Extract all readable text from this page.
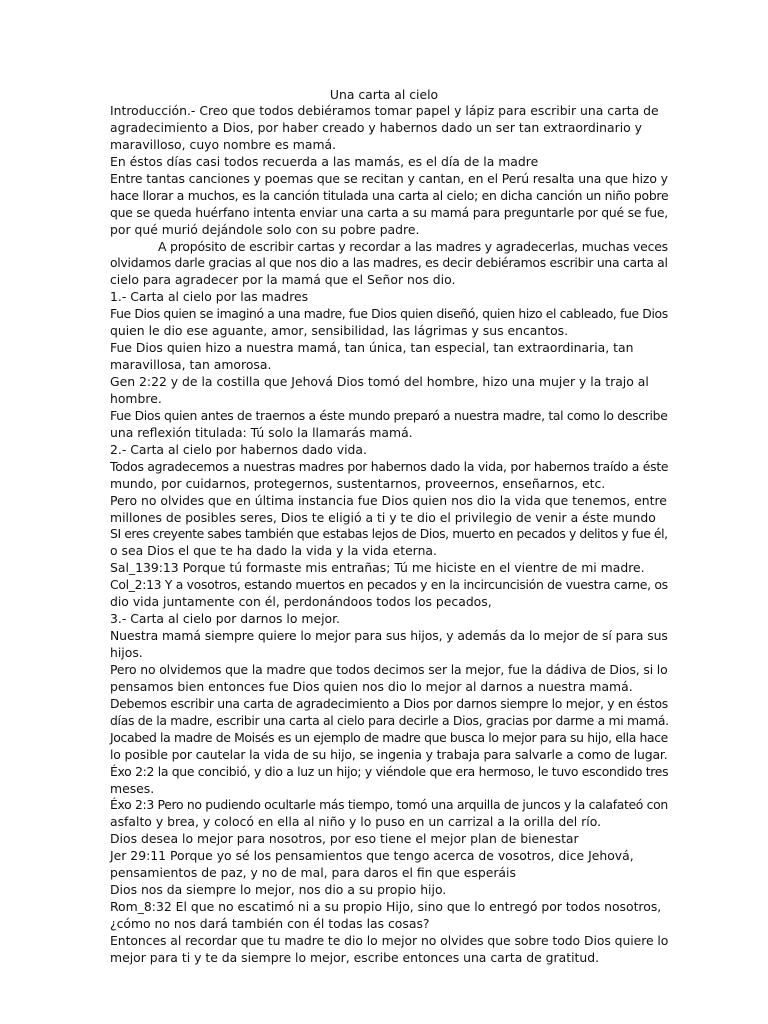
Una carta al cielo
Introducción.- Creo que todos debiéramos tomar papel y lápiz para escribir una carta de
agradecimiento a Dios, por haber creado y habernos dado un ser tan extraordinario y
maravilloso, cuyo nombre es mamá.
En éstos días casi todos recuerda a las mamás, es el día de la madre
Entre tantas canciones y poemas que se recitan y cantan, en el Perú resalta una que hizo y
hace llorar a muchos, es la canción titulada una carta al cielo; en dicha canción un niño pobre
que se queda huérfano intenta enviar una carta a su mamá para preguntarle por qué se fue,
por qué murió dejándole solo con su pobre padre.
A propósito de escribir cartas y recordar a las madres y agradecerlas, muchas veces
olvidamos darle gracias al que nos dio a las madres, es decir debiéramos escribir una carta al
cielo para agradecer por la mamá que el Señor nos dio.
1.- Carta al cielo por las madres
Fue Dios quien se imaginó a una madre, fue Dios quien diseñó, quien hizo el cableado, fue Dios
quien le dio ese aguante, amor, sensibilidad, las lágrimas y sus encantos.
Fue Dios quien hizo a nuestra mamá, tan única, tan especial, tan extraordinaria, tan
maravillosa, tan amorosa.
Gen 2:22 y de la costilla que Jehová Dios tomó del hombre, hizo una mujer y la trajo al
hombre.
Fue Dios quien antes de traernos a éste mundo preparó a nuestra madre, tal como lo describe
una reflexión titulada: Tú solo la llamarás mamá.
2.- Carta al cielo por habernos dado vida.
Todos agradecemos a nuestras madres por habernos dado la vida, por habernos traído a éste
mundo, por cuidarnos, protegernos, sustentarnos, proveernos, enseñarnos, etc.
Pero no olvides que en última instancia fue Dios quien nos dio la vida que tenemos, entre
millones de posibles seres, Dios te eligió a ti y te dio el privilegio de venir a éste mundo
SI eres creyente sabes también que estabas lejos de Dios, muerto en pecados y delitos y fue él,
o sea Dios el que te ha dado la vida y la vida eterna.
Sal_139:13 Porque tú formaste mis entrañas; Tú me hiciste en el vientre de mi madre.
Col_2:13 Y a vosotros, estando muertos en pecados y en la incircuncisión de vuestra carne, os
dio vida juntamente con él, perdonándoos todos los pecados,
3.- Carta al cielo por darnos lo mejor.
Nuestra mamá siempre quiere lo mejor para sus hijos, y además da lo mejor de sí para sus
hijos.
Pero no olvidemos que la madre que todos decimos ser la mejor, fue la dádiva de Dios, si lo
pensamos bien entonces fue Dios quien nos dio lo mejor al darnos a nuestra mamá.
Debemos escribir una carta de agradecimiento a Dios por darnos siempre lo mejor, y en éstos
días de la madre, escribir una carta al cielo para decirle a Dios, gracias por darme a mi mamá.
Jocabed la madre de Moisés es un ejemplo de madre que busca lo mejor para su hijo, ella hace
lo posible por cautelar la vida de su hijo, se ingenia y trabaja para salvarle a como de lugar.
Éxo 2:2 la que concibió, y dio a luz un hijo; y viéndole que era hermoso, le tuvo escondido tres
meses.
Éxo 2:3 Pero no pudiendo ocultarle más tiempo, tomó una arquilla de juncos y la calafateó con
asfalto y brea, y colocó en ella al niño y lo puso en un carrizal a la orilla del río.
Dios desea lo mejor para nosotros, por eso tiene el mejor plan de bienestar
Jer 29:11 Porque yo sé los pensamientos que tengo acerca de vosotros, dice Jehová,
pensamientos de paz, y no de mal, para daros el fin que esperáis
Dios nos da siempre lo mejor, nos dio a su propio hijo.
Rom_8:32 El que no escatimó ni a su propio Hijo, sino que lo entregó por todos nosotros,
¿cómo no nos dará también con él todas las cosas?
Entonces al recordar que tu madre te dio lo mejor no olvides que sobre todo Dios quiere lo
mejor para ti y te da siempre lo mejor, escribe entonces una carta de gratitud.
